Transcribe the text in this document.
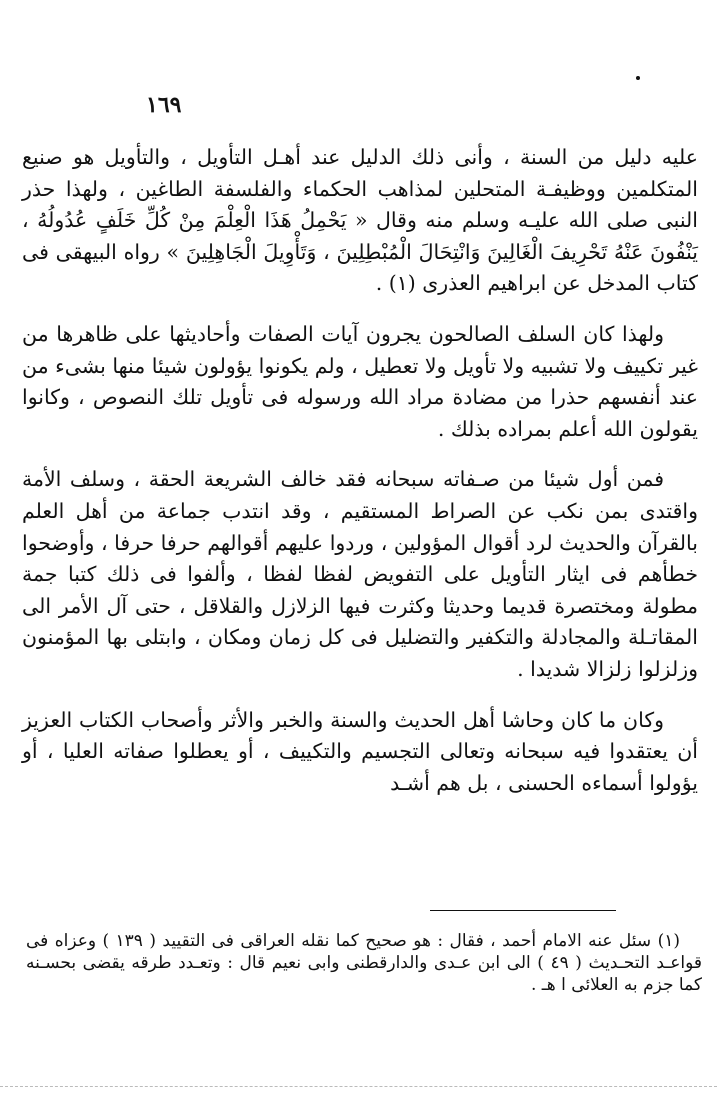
١٦٩

عليه دليل من السنة ، وأنى ذلك الدليل عند أهـل التأويل ، والتأويل هو صنيع المتكلمين ووظيفـة المتحلين لمذاهب الحكماء والفلسفة الطاغين ، ولهذا حذر النبى صلى الله عليـه وسلم منه وقال « يَحْمِلُ هَذَا الْعِلْمَ مِنْ كُلِّ خَلَفٍ عُدُولُهُ ، يَنْفُونَ عَنْهُ تَحْرِيفَ الْغَالِينَ وَانْتِحَالَ الْمُبْطِلِينَ ، وَتَأْوِيلَ الْجَاهِلِينَ » رواه البيهقى فى كتاب المدخل عن ابراهيم العذرى (١) .

ولهذا كان السلف الصالحون يجرون آيات الصفات وأحاديثها على ظاهرها من غير تكييف ولا تشبيه ولا تأويل ولا تعطيل ، ولم يكونوا يؤولون شيئا منها بشىء من عند أنفسهم حذرا من مضادة مراد الله ورسوله فى تأويل تلك النصوص ، وكانوا يقولون الله أعلم بمراده بذلك .

فمن أول شيئا من صـفاته سبحانه فقد خالف الشريعة الحقة ، وسلف الأمة واقتدى بمن نكب عن الصراط المستقيم ، وقد انتدب جماعة من أهل العلم بالقرآن والحديث لرد أقوال المؤولين ، وردوا عليهم أقوالهم حرفا حرفا ، وأوضحوا خطأهم فى ايثار التأويل على التفويض لفظا لفظا ، وألفوا فى ذلك كتبا جمة مطولة ومختصرة قديما وحديثا وكثرت فيها الزلازل والقلاقل ، حتى آل الأمر الى المقاتـلة والمجادلة والتكفير والتضليل فى كل زمان ومكان ، وابتلى بها المؤمنون وزلزلوا زلزالا شديدا .

وكان ما كان وحاشا أهل الحديث والسنة والخبر والأثر وأصحاب الكتاب العزيز أن يعتقدوا فيه سبحانه وتعالى التجسيم والتكييف ، أو يعطلوا صفاته العليا ، أو يؤولوا أسماءه الحسنى ، بل هم أشـد

(١) سئل عنه الامام أحمد ، فقال : هو صحيح كما نقله العراقى فى التقييد ( ١٣٩ ) وعزاه فى قواعـد التحـديث ( ٤٩ ) الى ابن عـدى والدارقطنى وابى نعيم قال : وتعـدد طرقه يقضى بحسـنه كما جزم به العلائى ا هـ .
